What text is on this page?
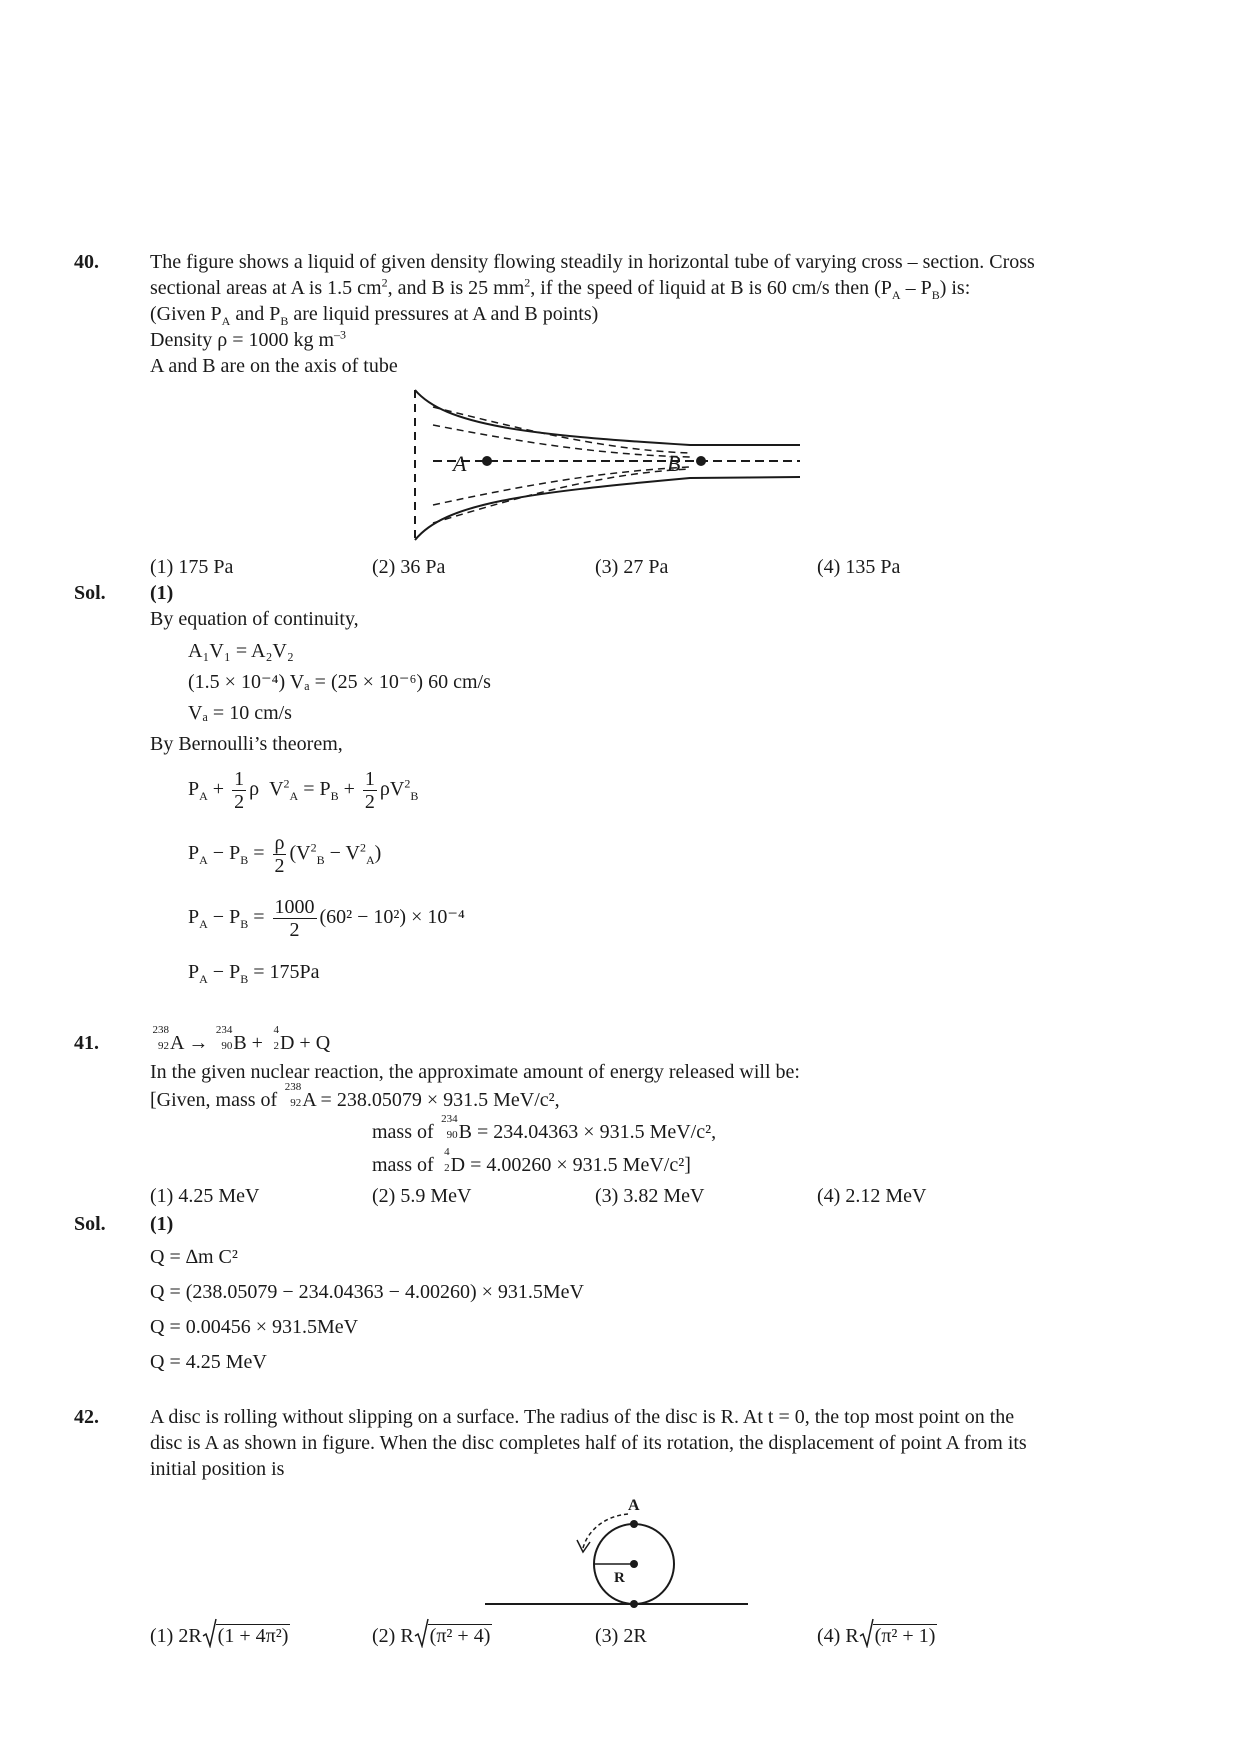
40.	The figure shows a liquid of given density flowing steadily in horizontal tube of varying cross – section. Cross
sectional areas at A is 1.5 $cm^2$, and B is 25 $mm^2$, if the speed of liquid at B is 60 cm/s then $(P_A - P_B)$ is:
(Given $P_A$ and $P_B$ are liquid pressures at A and B points)
Density ρ = 1000 kg $m^{-3}$
A and B are on the axis of tube
A	B
(1) 175 Pa	(2) 36 Pa	(3) 27 Pa	(4) 135 Pa
Sol. (1)
By equation of continuity,
A₁V₁ = A₂V₂
(1.5 × 10⁻⁴) Vₐ = (25 × 10⁻⁶) 60 cm/s
Vₐ = 10 cm/s
By Bernoulli’s theorem,
$P_A + \frac{1}{2}$ ρ $V^2_A = P_B + \frac{1}{2} \rho V^2_B$
$P_A - P_B = \frac{\rho}{2} (V^2_B - V^2_A)$
$P_A - P_B = \frac{1000}{2} (60^2 - 10^2) \times 10^{-4}$
$P_A - P_B = 175Pa$
41.
238
92 A →
234
90 B +
4
2 D + Q
In the given nuclear reaction, the approximate amount of energy released will be:
[Given, mass of
238
92 A = 238.05079 × 931.5 MeV/c²,
mass of
234
90 B = 234.04363 × 931.5 MeV/c²,
mass of
4
2 D = 4.00260 × 931.5 MeV/c²]
(1) 4.25 MeV	(2) 5.9 MeV	(3) 3.82 MeV	(4) 2.12 MeV
Sol. (1)
Q = ∆m C²
Q = (238.05079 − 234.04363 − 4.00260) × 931.5MeV
Q = 0.00456 × 931.5MeV
Q = 4.25 MeV
42.	A disc is rolling without slipping on a surface. The radius of the disc is R. At t = 0, the top most point on the
disc is A as shown in figure. When the disc completes half of its rotation, the displacement of point A from its
initial position is
A
R
(1) 2R (1 + 4π²)	(2) R (π² + 4)	(3) 2R	(4) R (π² + 1)
